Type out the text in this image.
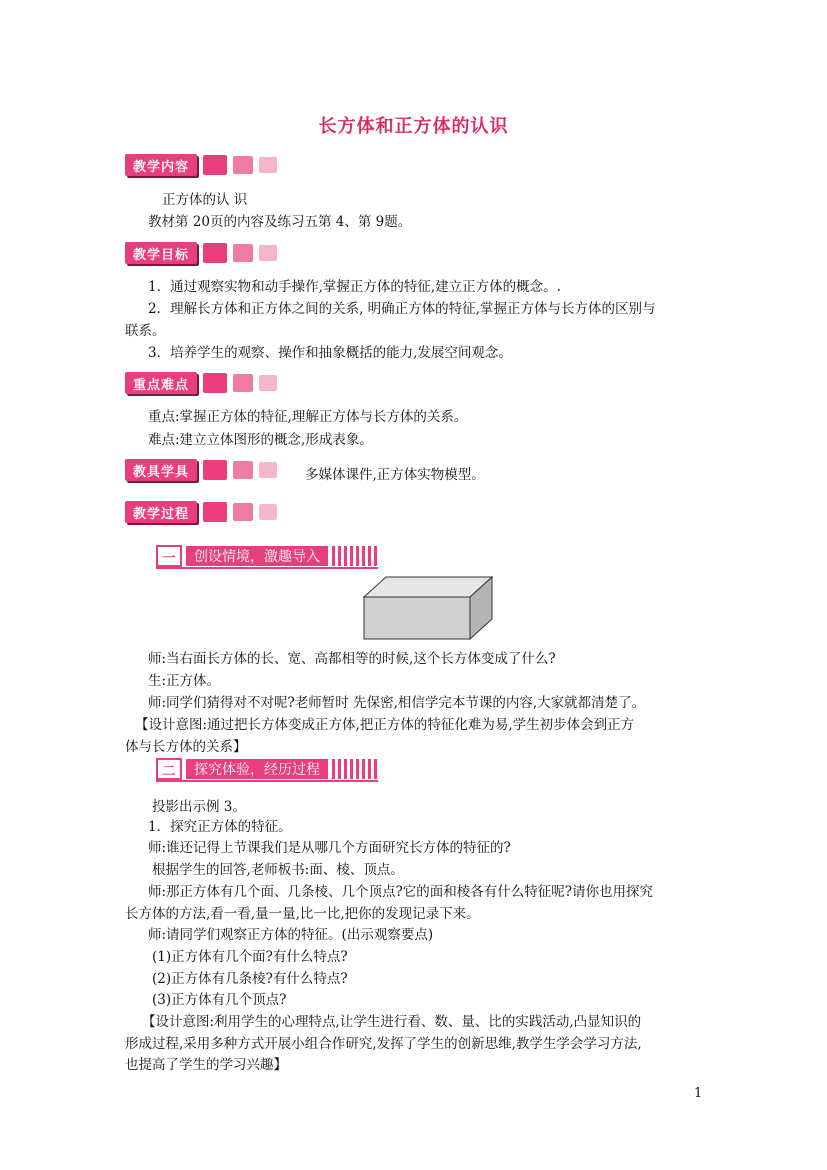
长方体和正方体的认识
教学内容
正方体的认 识
教材第 20页的内容及练习五第 4、第 9题。
教学目标
1．通过观察实物和动手操作,掌握正方体的特征,建立正方体的概念。.
2．理解长方体和正方体之间的关系, 明确正方体的特征,掌握正方体与长方体的区别与
联系。
3．培养学生的观察、操作和抽象概括的能力,发展空间观念。
重点难点
重点:掌握正方体的特征,理解正方体与长方体的关系。
难点:建立立体图形的概念,形成表象。
教具学具	多媒体课件,正方体实物模型。
教学过程
一	创设情境，激趣导入
师:当右面长方体的长、宽、高都相等的时候,这个长方体变成了什么?
生:正方体。
师:同学们猜得对不对呢?老师暂时 先保密,相信学完本节课的内容,大家就都清楚了。
【设计意图:通过把长方体变成正方体,把正方体的特征化难为易,学生初步体会到正方
体与长方体的关系】
二	探究体验，经历过程
投影出示例 3。
1．探究正方体的特征。
师:谁还记得上节课我们是从哪几个方面研究长方体的特征的?
根据学生的回答,老师板书:面、棱、顶点。
师:那正方体有几个面、几条棱、几个顶点?它的面和棱各有什么特征呢?请你也用探究
长方体的方法,看一看,量一量,比一比,把你的发现记录下来。
师:请同学们观察正方体的特征。(出示观察要点)
(1)正方体有几个面?有什么特点?
(2)正方体有几条棱?有什么特点?
(3)正方体有几个顶点?
【设计意图:利用学生的心理特点,让学生进行看、数、量、比的实践活动,凸显知识的
形成过程,采用多种方式开展小组合作研究,发挥了学生的创新思维,教学生学会学习方法,
也提高了学生的学习兴趣】
1
